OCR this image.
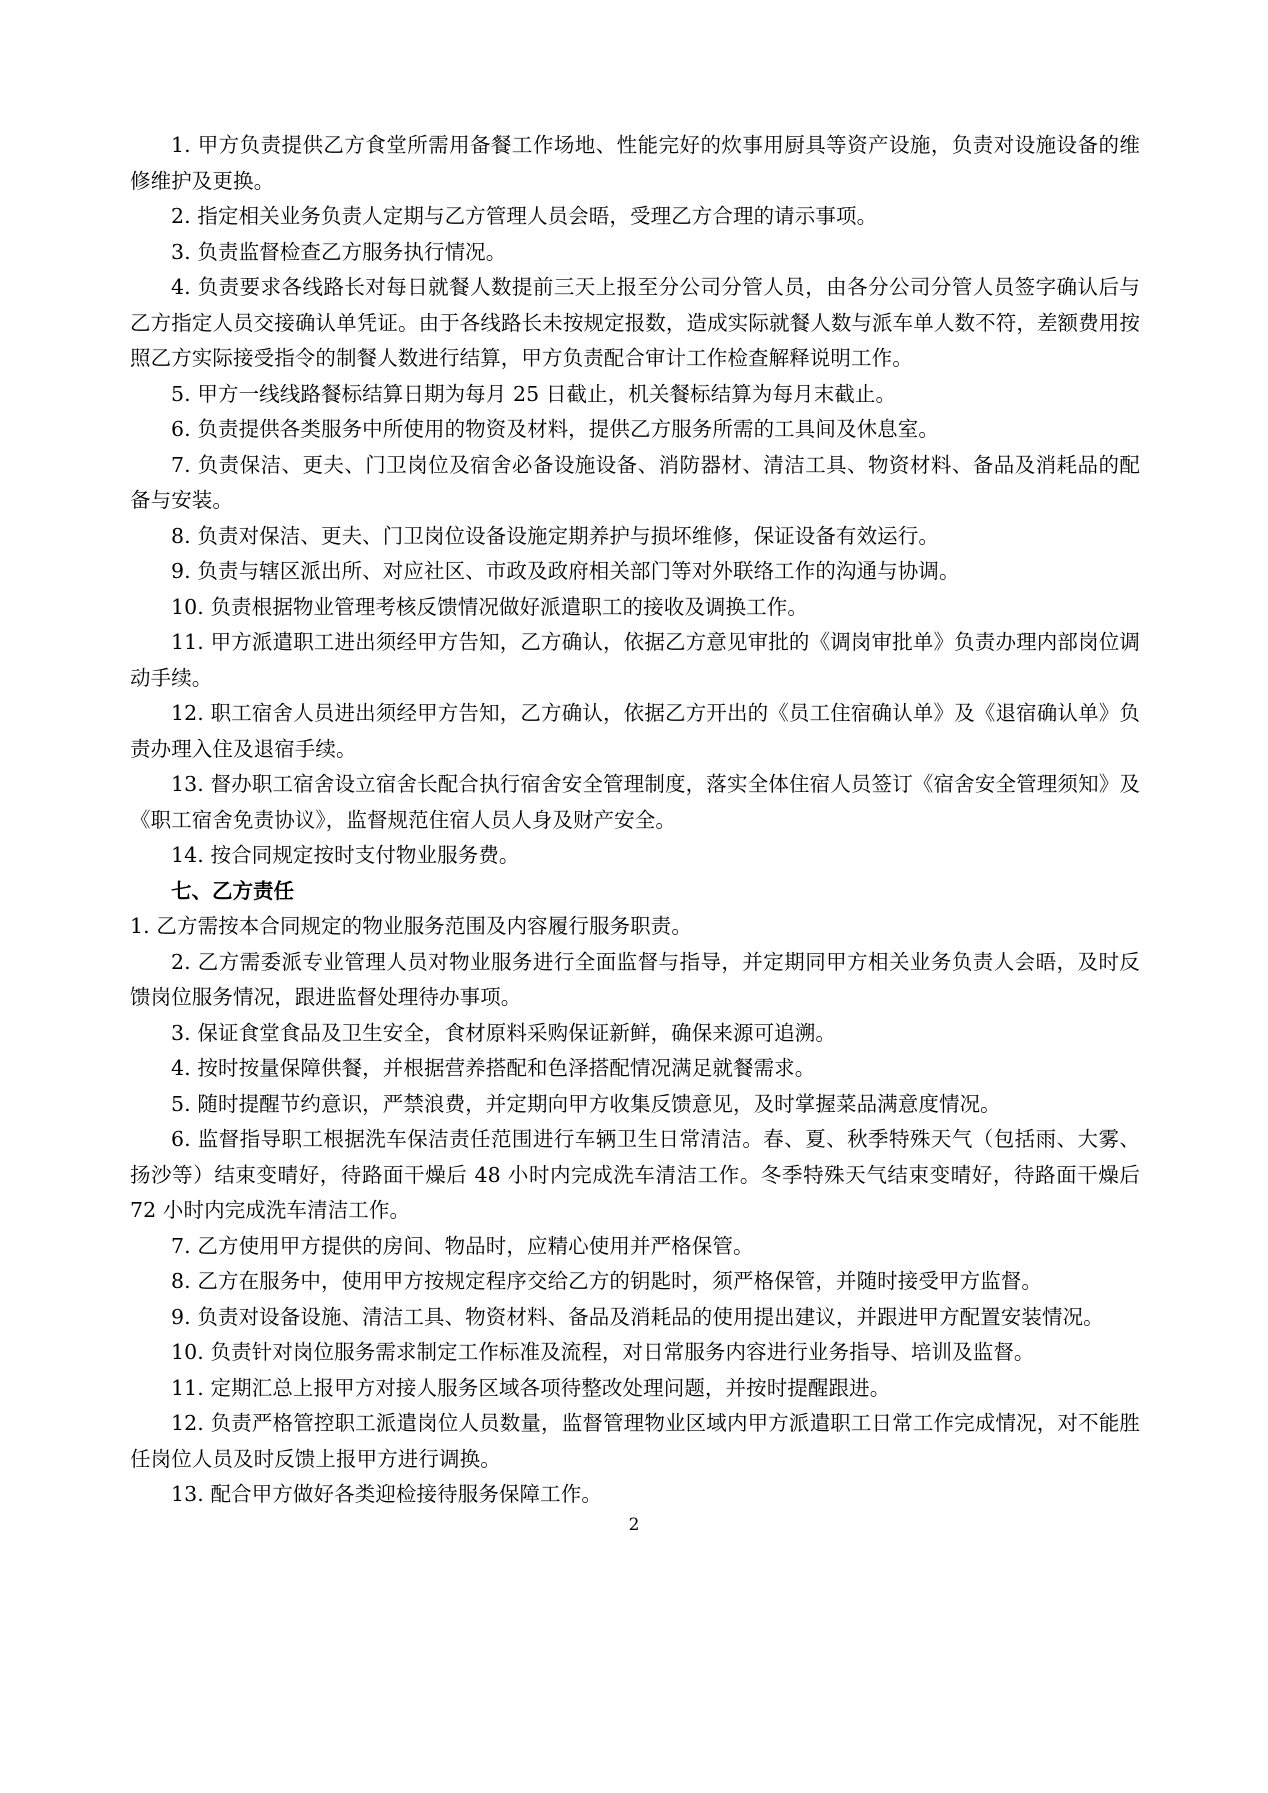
1. 甲方负责提供乙方食堂所需用备餐工作场地、性能完好的炊事用厨具等资产设施，负责对设施设备的维修维护及更换。

2. 指定相关业务负责人定期与乙方管理人员会晤，受理乙方合理的请示事项。

3. 负责监督检查乙方服务执行情况。

4. 负责要求各线路长对每日就餐人数提前三天上报至分公司分管人员，由各分公司分管人员签字确认后与乙方指定人员交接确认单凭证。由于各线路长未按规定报数，造成实际就餐人数与派车单人数不符，差额费用按照乙方实际接受指令的制餐人数进行结算，甲方负责配合审计工作检查解释说明工作。

5. 甲方一线线路餐标结算日期为每月 25 日截止，机关餐标结算为每月末截止。

6. 负责提供各类服务中所使用的物资及材料，提供乙方服务所需的工具间及休息室。

7. 负责保洁、更夫、门卫岗位及宿舍必备设施设备、消防器材、清洁工具、物资材料、备品及消耗品的配备与安装。

8. 负责对保洁、更夫、门卫岗位设备设施定期养护与损坏维修，保证设备有效运行。

9. 负责与辖区派出所、对应社区、市政及政府相关部门等对外联络工作的沟通与协调。

10. 负责根据物业管理考核反馈情况做好派遣职工的接收及调换工作。

11. 甲方派遣职工进出须经甲方告知，乙方确认，依据乙方意见审批的《调岗审批单》负责办理内部岗位调动手续。

12. 职工宿舍人员进出须经甲方告知，乙方确认，依据乙方开出的《员工住宿确认单》及《退宿确认单》负责办理入住及退宿手续。

13. 督办职工宿舍设立宿舍长配合执行宿舍安全管理制度，落实全体住宿人员签订《宿舍安全管理须知》及《职工宿舍免责协议》，监督规范住宿人员人身及财产安全。

14. 按合同规定按时支付物业服务费。

七、乙方责任

1. 乙方需按本合同规定的物业服务范围及内容履行服务职责。

2. 乙方需委派专业管理人员对物业服务进行全面监督与指导，并定期同甲方相关业务负责人会晤，及时反馈岗位服务情况，跟进监督处理待办事项。

3. 保证食堂食品及卫生安全，食材原料采购保证新鲜，确保来源可追溯。

4. 按时按量保障供餐，并根据营养搭配和色泽搭配情况满足就餐需求。

5. 随时提醒节约意识，严禁浪费，并定期向甲方收集反馈意见，及时掌握菜品满意度情况。

6. 监督指导职工根据洗车保洁责任范围进行车辆卫生日常清洁。春、夏、秋季特殊天气（包括雨、大雾、扬沙等）结束变晴好，待路面干燥后 48 小时内完成洗车清洁工作。冬季特殊天气结束变晴好，待路面干燥后 72 小时内完成洗车清洁工作。

7. 乙方使用甲方提供的房间、物品时，应精心使用并严格保管。

8. 乙方在服务中，使用甲方按规定程序交给乙方的钥匙时，须严格保管，并随时接受甲方监督。

9. 负责对设备设施、清洁工具、物资材料、备品及消耗品的使用提出建议，并跟进甲方配置安装情况。

10. 负责针对岗位服务需求制定工作标准及流程，对日常服务内容进行业务指导、培训及监督。

11. 定期汇总上报甲方对接人服务区域各项待整改处理问题，并按时提醒跟进。

12. 负责严格管控职工派遣岗位人员数量，监督管理物业区域内甲方派遣职工日常工作完成情况，对不能胜任岗位人员及时反馈上报甲方进行调换。

13. 配合甲方做好各类迎检接待服务保障工作。

2
